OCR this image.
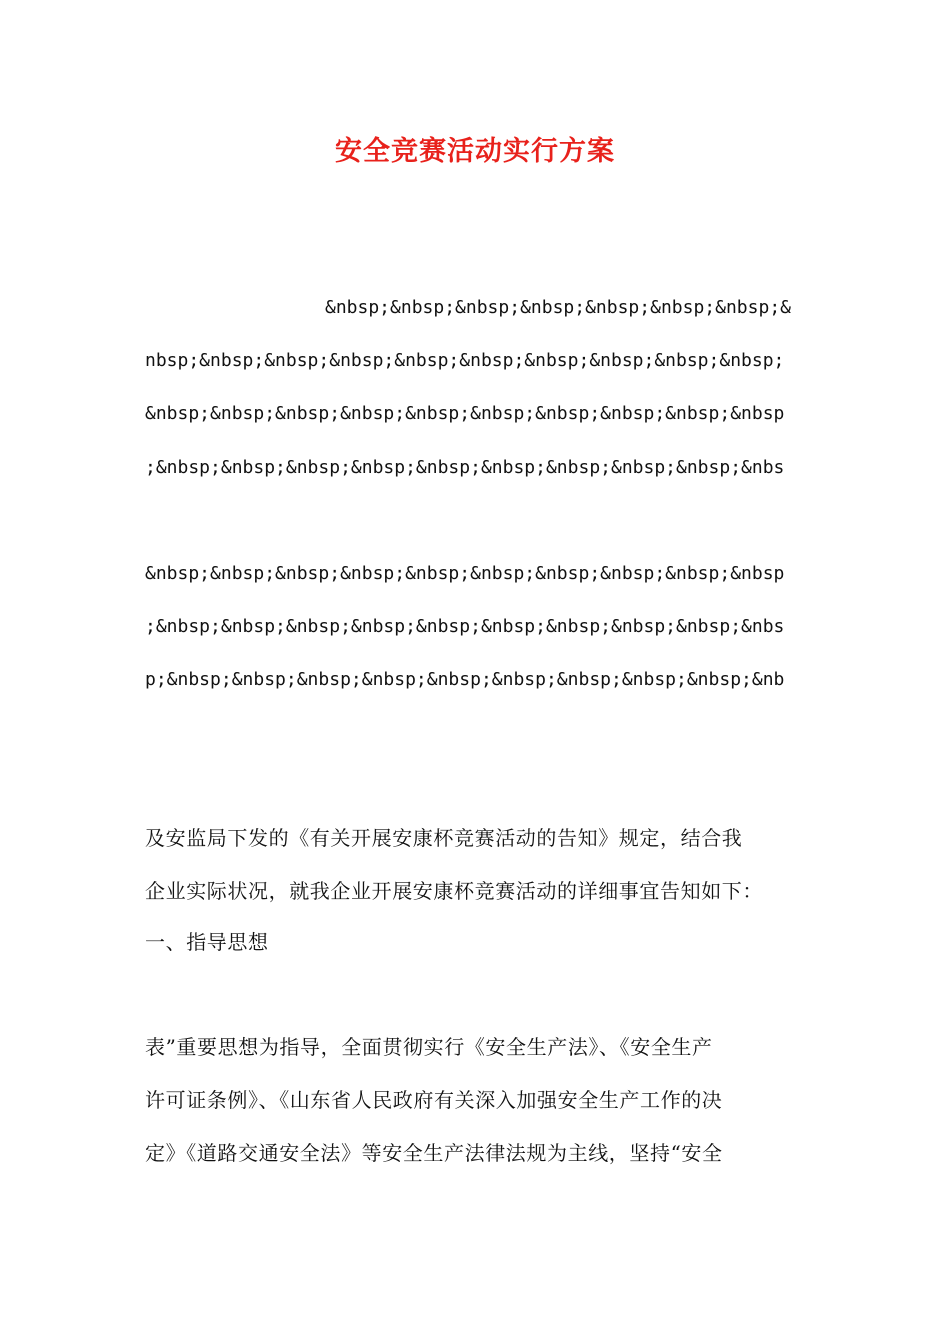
安全竞赛活动实行方案
&nbsp;&nbsp;&nbsp;&nbsp;&nbsp;&nbsp;&nbsp;&
nbsp;&nbsp;&nbsp;&nbsp;&nbsp;&nbsp;&nbsp;&nbsp;&nbsp;&nbsp;
&nbsp;&nbsp;&nbsp;&nbsp;&nbsp;&nbsp;&nbsp;&nbsp;&nbsp;&nbsp
;&nbsp;&nbsp;&nbsp;&nbsp;&nbsp;&nbsp;&nbsp;&nbsp;&nbsp;&nbs

&nbsp;&nbsp;&nbsp;&nbsp;&nbsp;&nbsp;&nbsp;&nbsp;&nbsp;&nbsp
;&nbsp;&nbsp;&nbsp;&nbsp;&nbsp;&nbsp;&nbsp;&nbsp;&nbsp;&nbs
p;&nbsp;&nbsp;&nbsp;&nbsp;&nbsp;&nbsp;&nbsp;&nbsp;&nbsp;&nb

及安监局下发的《有关开展安康杯竞赛活动的告知》规定，结合我
企业实际状况，就我企业开展安康杯竞赛活动的详细事宜告知如下：
一、指导思想

表”重要思想为指导，全面贯彻实行《安全生产法》、《安全生产
许可证条例》、《山东省人民政府有关深入加强安全生产工作的决
定》《道路交通安全法》等安全生产法律法规为主线，坚持“安全
